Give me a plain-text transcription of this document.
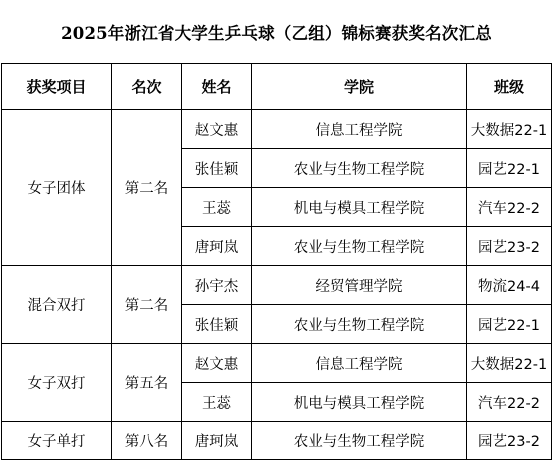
2025年浙江省大学生乒乓球（乙组）锦标赛获奖名次汇总
获奖项目	名次	姓名	学院	班级
女子团体	第二名	赵文惠	信息工程学院	大数据22-1
		张佳颖	农业与生物工程学院	园艺22-1
		王蕊	机电与模具工程学院	汽车22-2
		唐珂岚	农业与生物工程学院	园艺23-2
混合双打	第二名	孙宇杰	经贸管理学院	物流24-4
		张佳颖	农业与生物工程学院	园艺22-1
女子双打	第五名	赵文惠	信息工程学院	大数据22-1
		王蕊	机电与模具工程学院	汽车22-2
女子单打	第八名	唐珂岚	农业与生物工程学院	园艺23-2
